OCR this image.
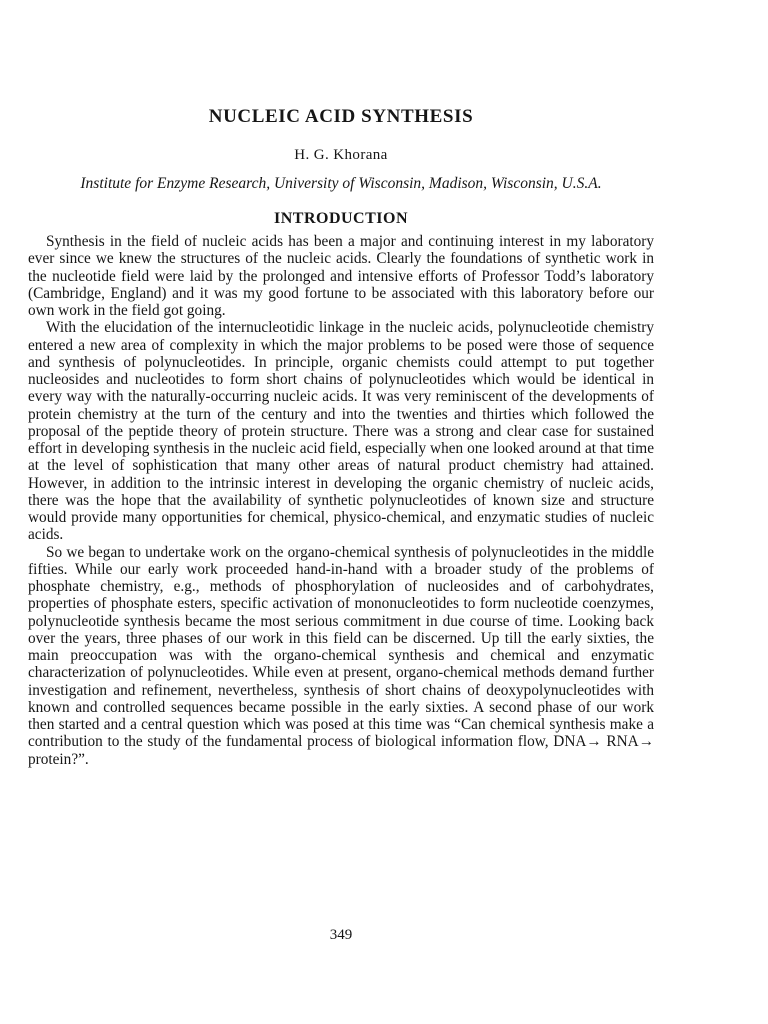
NUCLEIC ACID SYNTHESIS

H. G. Khorana

Institute for Enzyme Research, University of Wisconsin, Madison, Wisconsin, U.S.A.

INTRODUCTION

Synthesis in the field of nucleic acids has been a major and continuing interest in my laboratory ever since we knew the structures of the nucleic acids. Clearly the foundations of synthetic work in the nucleotide field were laid by the prolonged and intensive efforts of Professor Todd’s laboratory (Cambridge, England) and it was my good fortune to be associated with this laboratory before our own work in the field got going.

With the elucidation of the internucleotidic linkage in the nucleic acids, polynucleotide chemistry entered a new area of complexity in which the major problems to be posed were those of sequence and synthesis of polynucleotides. In principle, organic chemists could attempt to put together nucleosides and nucleotides to form short chains of polynucleotides which would be identical in every way with the naturally-occurring nucleic acids. It was very reminiscent of the developments of protein chemistry at the turn of the century and into the twenties and thirties which followed the proposal of the peptide theory of protein structure. There was a strong and clear case for sustained effort in developing synthesis in the nucleic acid field, especially when one looked around at that time at the level of sophistication that many other areas of natural product chemistry had attained. However, in addition to the intrinsic interest in developing the organic chemistry of nucleic acids, there was the hope that the availability of synthetic polynucleotides of known size and structure would provide many opportunities for chemical, physico-chemical, and enzymatic studies of nucleic acids.

So we began to undertake work on the organo-chemical synthesis of polynucleotides in the middle fifties. While our early work proceeded hand-in-hand with a broader study of the problems of phosphate chemistry, e.g., methods of phosphorylation of nucleosides and of carbohydrates, properties of phosphate esters, specific activation of mononucleotides to form nucleotide coenzymes, polynucleotide synthesis became the most serious commitment in due course of time. Looking back over the years, three phases of our work in this field can be discerned. Up till the early sixties, the main preoccupation was with the organo-chemical synthesis and chemical and enzymatic characterization of polynucleotides. While even at present, organo-chemical methods demand further investigation and refinement, nevertheless, synthesis of short chains of deoxypolynucleotides with known and controlled sequences became possible in the early sixties. A second phase of our work then started and a central question which was posed at this time was “Can chemical synthesis make a contribution to the study of the fundamental process of biological information flow, DNA→ RNA→ protein?”.

349
